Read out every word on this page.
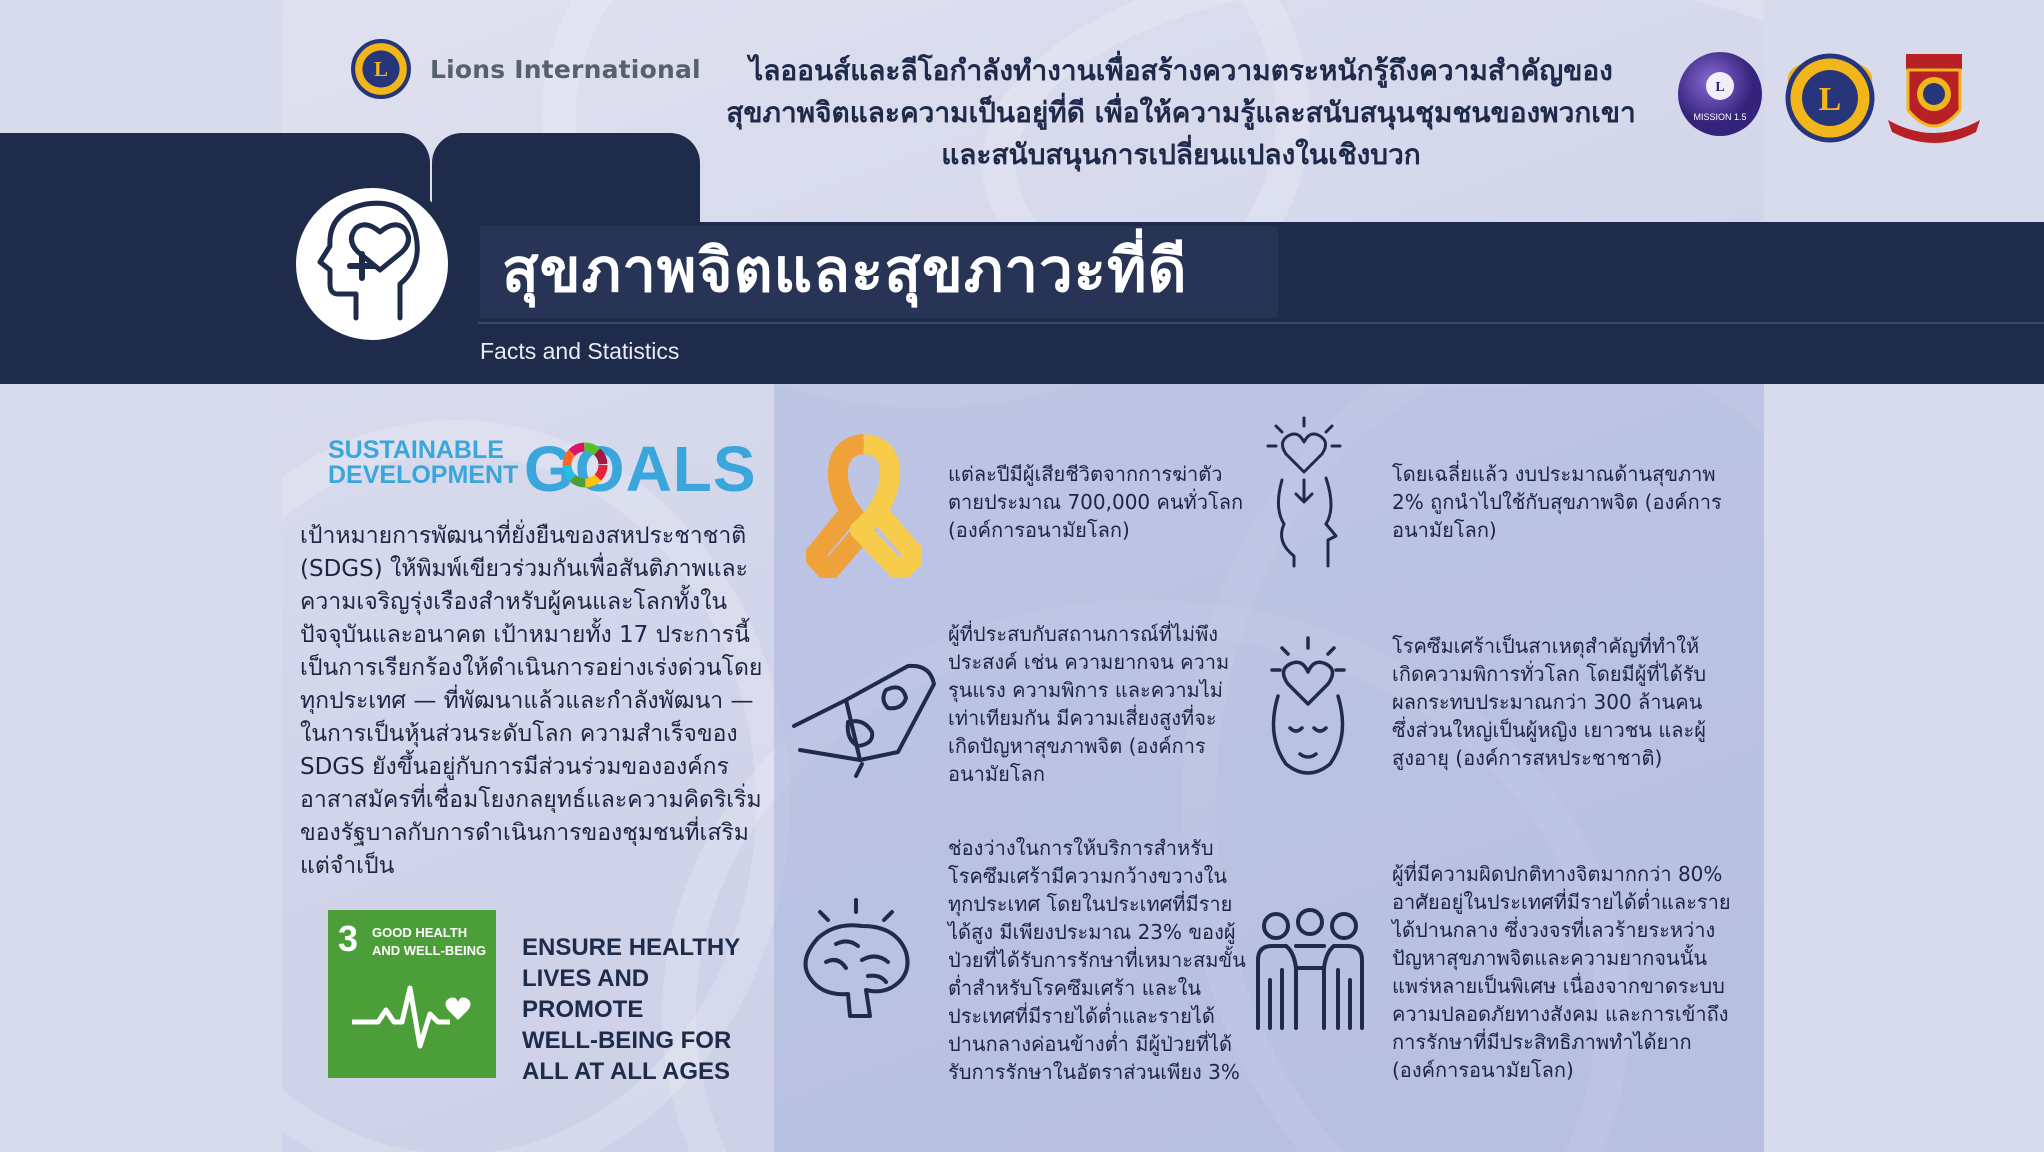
L Lions International	ไลออนส์และลีโอกำลังทำงานเพื่อสร้างความตระหนักรู้ถึงความสำคัญของ
สุขภาพจิตและความเป็นอยู่ที่ดี เพื่อให้ความรู้และสนับสนุนชุมชนของพวกเขา
และสนับสนุนการเปลี่ยนแปลงในเชิงบวก
L
MISSION 1.5 L
สุขภาพจิตและสุขภาวะที่ดี
Facts and Statistics
SUSTAINABLE
DEVELOPMENT GOALS
เป้าหมายการพัฒนาที่ยั่งยืนของสหประชาชาติ (SDGS) ให้พิมพ์เขียวร่วมกันเพื่อสันติภาพและความเจริญรุ่งเรืองสำหรับผู้คนและโลกทั้งในปัจจุบันและอนาคต เป้าหมายทั้ง 17 ประการนี้เป็นการเรียกร้องให้ดำเนินการอย่างเร่งด่วนโดยทุกประเทศ — ที่พัฒนาแล้วและกำลังพัฒนา — ในการเป็นหุ้นส่วนระดับโลก ความสำเร็จของ SDGS ยังขึ้นอยู่กับการมีส่วนร่วมขององค์กรอาสาสมัครที่เชื่อมโยงกลยุทธ์และความคิดริเริ่มของรัฐบาลกับการดำเนินการของชุมชนที่เสริม แต่จำเป็น
3 GOOD HEALTH
AND WELL-BEING ENSURE HEALTHY
LIVES AND PROMOTE
WELL-BEING FOR
ALL AT ALL AGES
แต่ละปีมีผู้เสียชีวิตจากการฆ่าตัวตายประมาณ 700,000 คนทั่วโลก (องค์การอนามัยโลก)
โดยเฉลี่ยแล้ว งบประมาณด้านสุขภาพ 2% ถูกนำไปใช้กับสุขภาพจิต (องค์การอนามัยโลก)
ผู้ที่ประสบกับสถานการณ์ที่ไม่พึงประสงค์ เช่น ความยากจน ความรุนแรง ความพิการ และความไม่เท่าเทียมกัน มีความเสี่ยงสูงที่จะเกิดปัญหาสุขภาพจิต (องค์การอนามัยโลก
โรคซึมเศร้าเป็นสาเหตุสำคัญที่ทำให้เกิดความพิการทั่วโลก โดยมีผู้ที่ได้รับผลกระทบประมาณกว่า 300 ล้านคน ซึ่งส่วนใหญ่เป็นผู้หญิง เยาวชน และผู้สูงอายุ (องค์การสหประชาชาติ)
ช่องว่างในการให้บริการสำหรับโรคซึมเศร้ามีความกว้างขวางในทุกประเทศ โดยในประเทศที่มีรายได้สูง มีเพียงประมาณ 23% ของผู้ป่วยที่ได้รับการรักษาที่เหมาะสมขั้นต่ำสำหรับโรคซึมเศร้า และในประเทศที่มีรายได้ต่ำและรายได้ปานกลางค่อนข้างต่ำ มีผู้ป่วยที่ได้รับการรักษาในอัตราส่วนเพียง 3%
ผู้ที่มีความผิดปกติทางจิตมากกว่า 80% อาศัยอยู่ในประเทศที่มีรายได้ต่ำและรายได้ปานกลาง ซึ่งวงจรที่เลวร้ายระหว่างปัญหาสุขภาพจิตและความยากจนนั้นแพร่หลายเป็นพิเศษ เนื่องจากขาดระบบความปลอดภัยทางสังคม และการเข้าถึงการรักษาที่มีประสิทธิภาพทำได้ยาก (องค์การอนามัยโลก)
